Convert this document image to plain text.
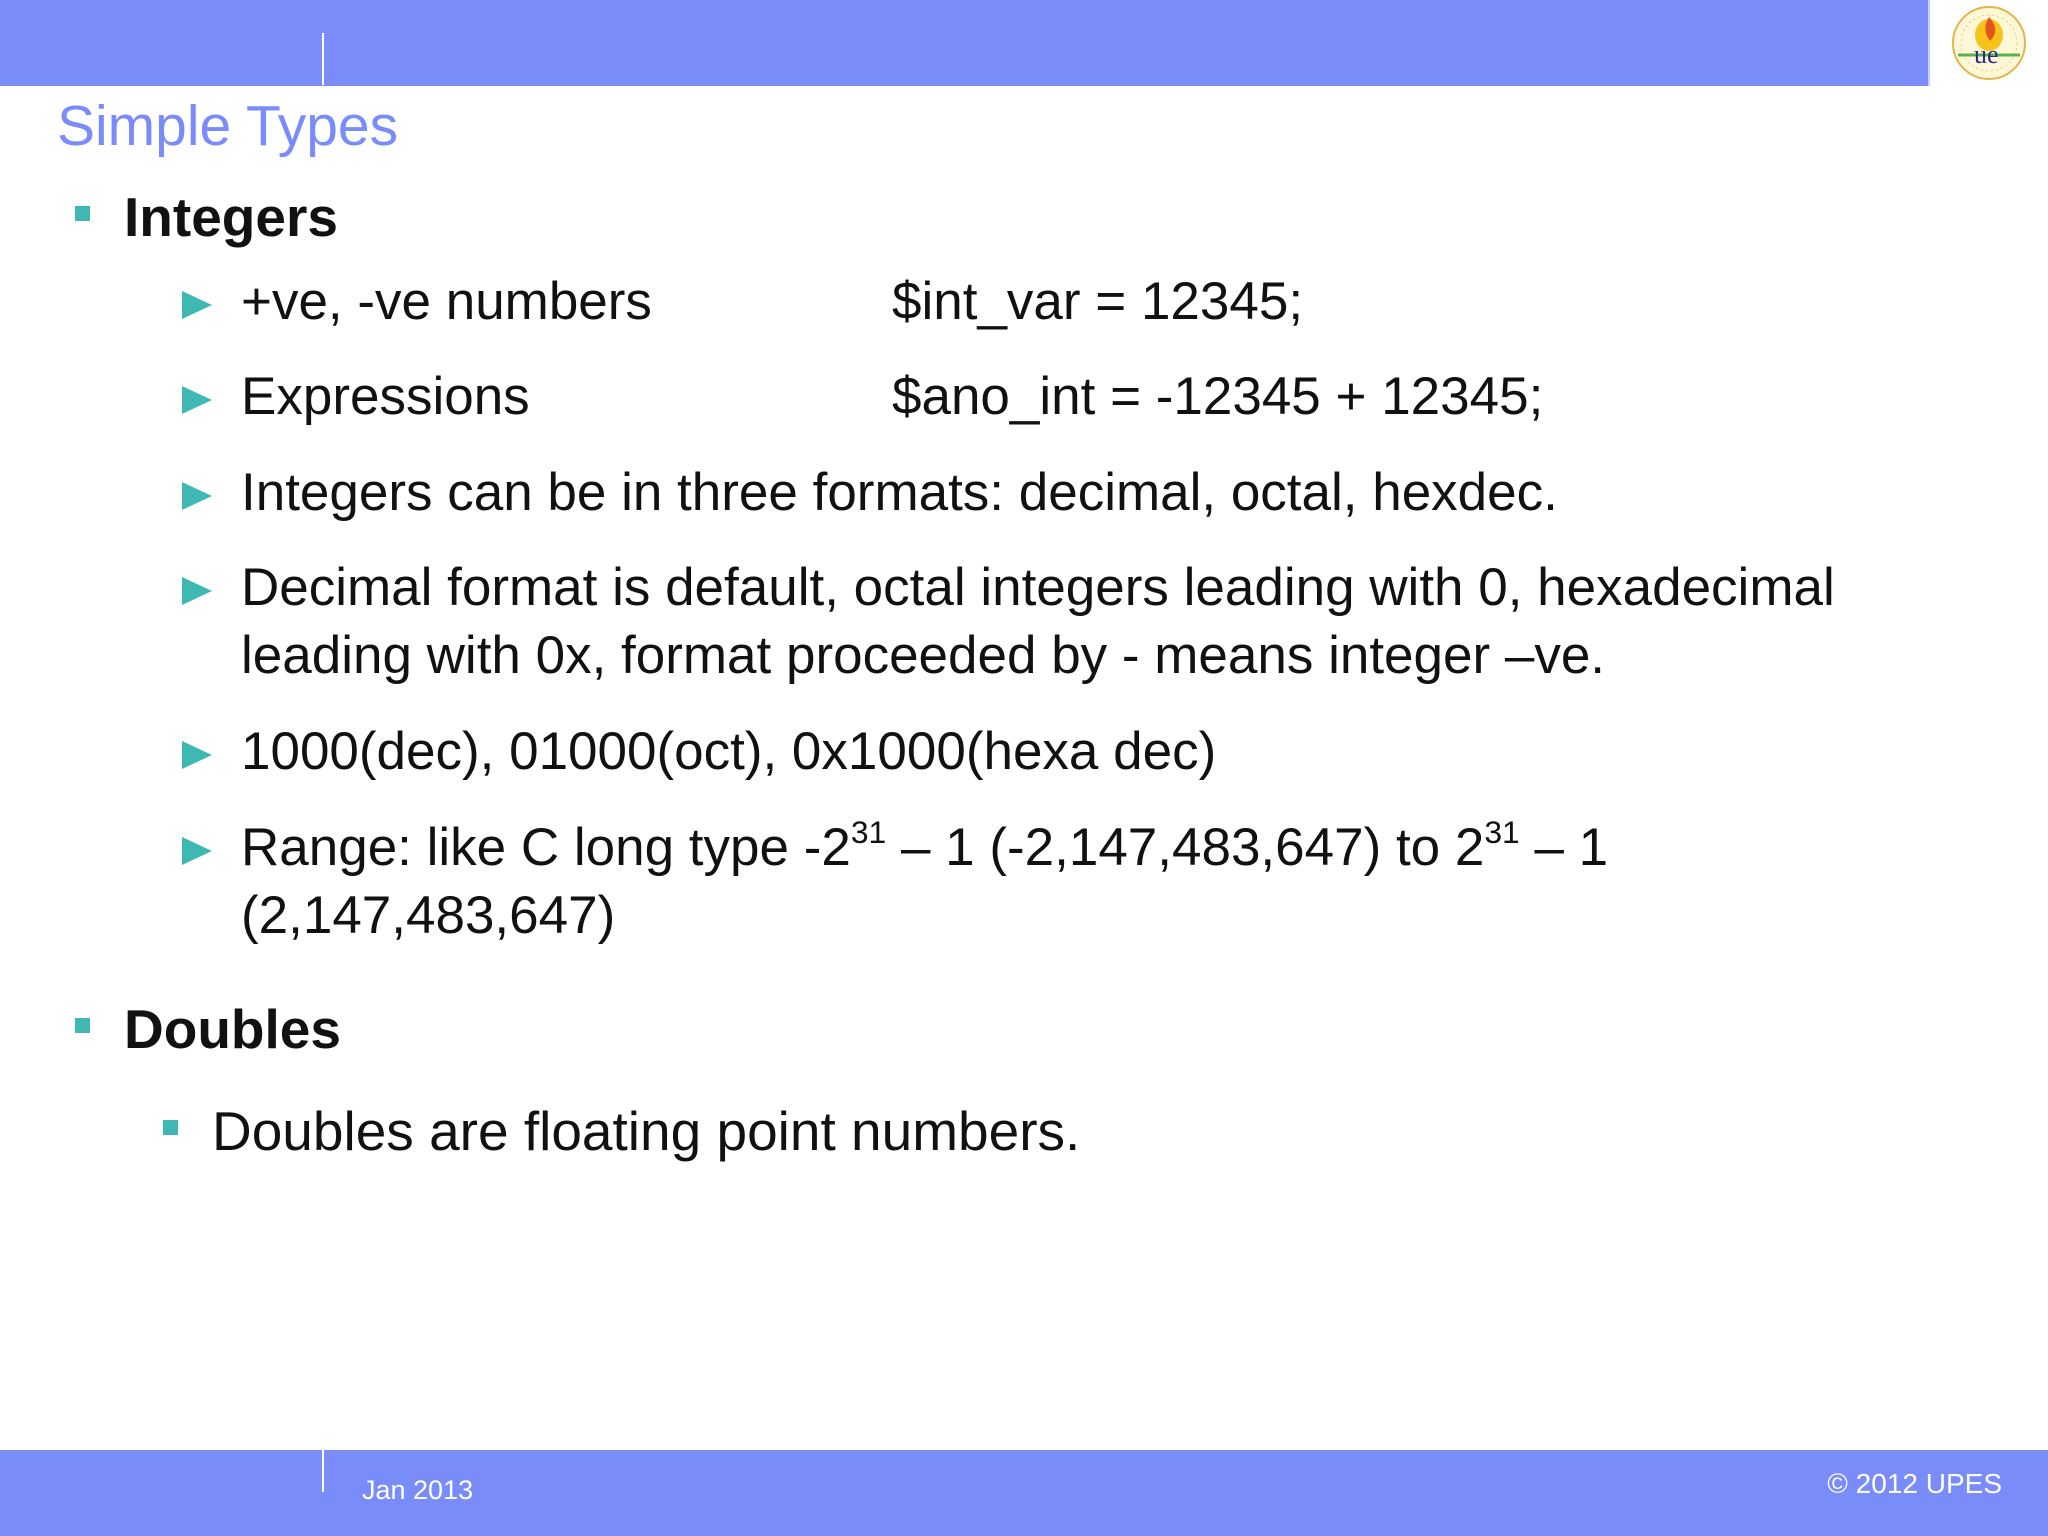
ue
Simple Types
Integers
+ve, -ve numbers	$int_var = 12345;
Expressions	$ano_int = -12345 + 12345;
Integers can be in three formats: decimal, octal, hexdec.
Decimal format is default, octal integers leading with 0, hexadecimal
leading with 0x, format proceeded by - means integer –ve.
1000(dec), 01000(oct), 0x1000(hexa dec)
Range: like C long type $-2^{31} - 1$ (-2,147,483,647) to $2^{31} - 1$
(2,147,483,647)
Doubles
Doubles are floating point numbers.
Jan 2013	© 2012 UPES
